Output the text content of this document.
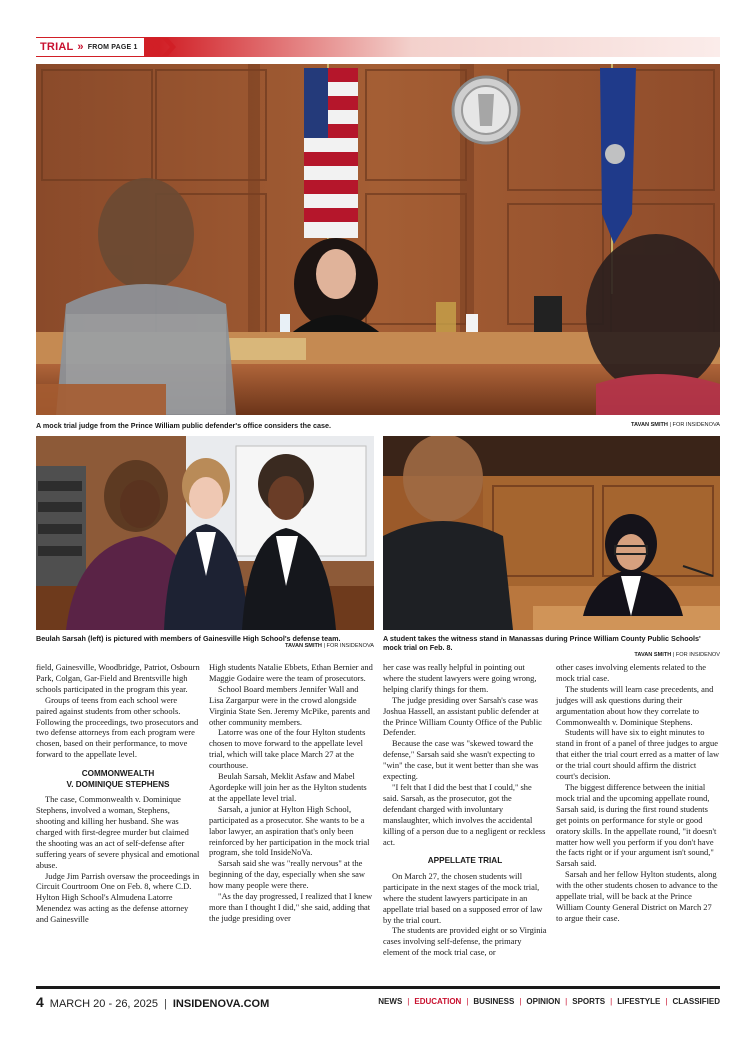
TRIAL » FROM PAGE 1
A mock trial judge from the Prince William public defender's office considers the case.	TAVAN SMITH | FOR INSIDENOVA
Beulah Sarsah (left) is pictured with members of Gainesville High School's defense team.
TAVAN SMITH | FOR INSIDENOVA
A student takes the witness stand in Manassas during Prince William County Public Schools' mock trial on Feb. 8.
TAVAN SMITH | FOR INSIDENOV

field, Gainesville, Woodbridge, Patriot, Osbourn Park, Colgan, Gar-Field and Brentsville high schools participated in the program this year.

Groups of teens from each school were paired against students from other schools. Following the proceedings, two prosecutors and two defense attorneys from each program were chosen, based on their performance, to move forward to the appellate level.

COMMONWEALTH
V. DOMINIQUE STEPHENS

The case, Commonwealth v. Dominique Stephens, involved a woman, Stephens, shooting and killing her husband. She was charged with first-degree murder but claimed the shooting was an act of self-defense after suffering years of severe physical and emotional abuse.

Judge Jim Parrish oversaw the proceedings in Circuit Courtroom One on Feb. 8, where C.D. Hylton High School's Almudena Latorre Menendez was acting as the defense attorney and Gainesville

High students Natalie Ebbets, Ethan Bernier and Maggie Godaire were the team of prosecutors.

School Board members Jennifer Wall and Lisa Zargarpur were in the crowd alongside Virginia State Sen. Jeremy McPike, parents and other community members.

Latorre was one of the four Hylton students chosen to move forward to the appellate level trial, which will take place March 27 at the courthouse.

Beulah Sarsah, Meklit Asfaw and Mabel Agordepke will join her as the Hylton students at the appellate level trial.

Sarsah, a junior at Hylton High School, participated as a prosecutor. She wants to be a labor lawyer, an aspiration that's only been reinforced by her participation in the mock trial program, she told InsideNoVa.

Sarsah said she was "really nervous" at the beginning of the day, especially when she saw how many people were there.

"As the day progressed, I realized that I knew more than I thought I did," she said, adding that the judge presiding over

her case was really helpful in pointing out where the student lawyers were going wrong, helping clarify things for them.

The judge presiding over Sarsah's case was Joshua Hassell, an assistant public defender at the Prince William County Office of the Public Defender.

Because the case was "skewed toward the defense," Sarsah said she wasn't expecting to "win" the case, but it went better than she was expecting.

"I felt that I did the best that I could," she said. Sarsah, as the prosecutor, got the defendant charged with involuntary manslaughter, which involves the accidental killing of a person due to a negligent or reckless act.

APPELLATE TRIAL

On March 27, the chosen students will participate in the next stages of the mock trial, where the student lawyers participate in an appellate trial based on a supposed error of law by the trial court.

The students are provided eight or so Virginia cases involving self-defense, the primary element of the mock trial case, or

other cases involving elements related to the mock trial case.

The students will learn case precedents, and judges will ask questions during their argumentation about how they correlate to Commonwealth v. Dominique Stephens.

Students will have six to eight minutes to stand in front of a panel of three judges to argue that either the trial court erred as a matter of law or the trial court should affirm the district court's decision.

The biggest difference between the initial mock trial and the upcoming appellate round, Sarsah said, is during the first round students get points on performance for style or good oratory skills. In the appellate round, "it doesn't matter how well you perform if you don't have the facts right or if your argument isn't sound," Sarsah said.

Sarsah and her fellow Hylton students, along with the other students chosen to advance to the appellate trial, will be back at the Prince William County General District on March 27 to argue their case.

4 MARCH 20 - 26, 2025 | INSIDENOVA.COM	NEWS | EDUCATION | BUSINESS | OPINION | SPORTS | LIFESTYLE | CLASSIFIED
